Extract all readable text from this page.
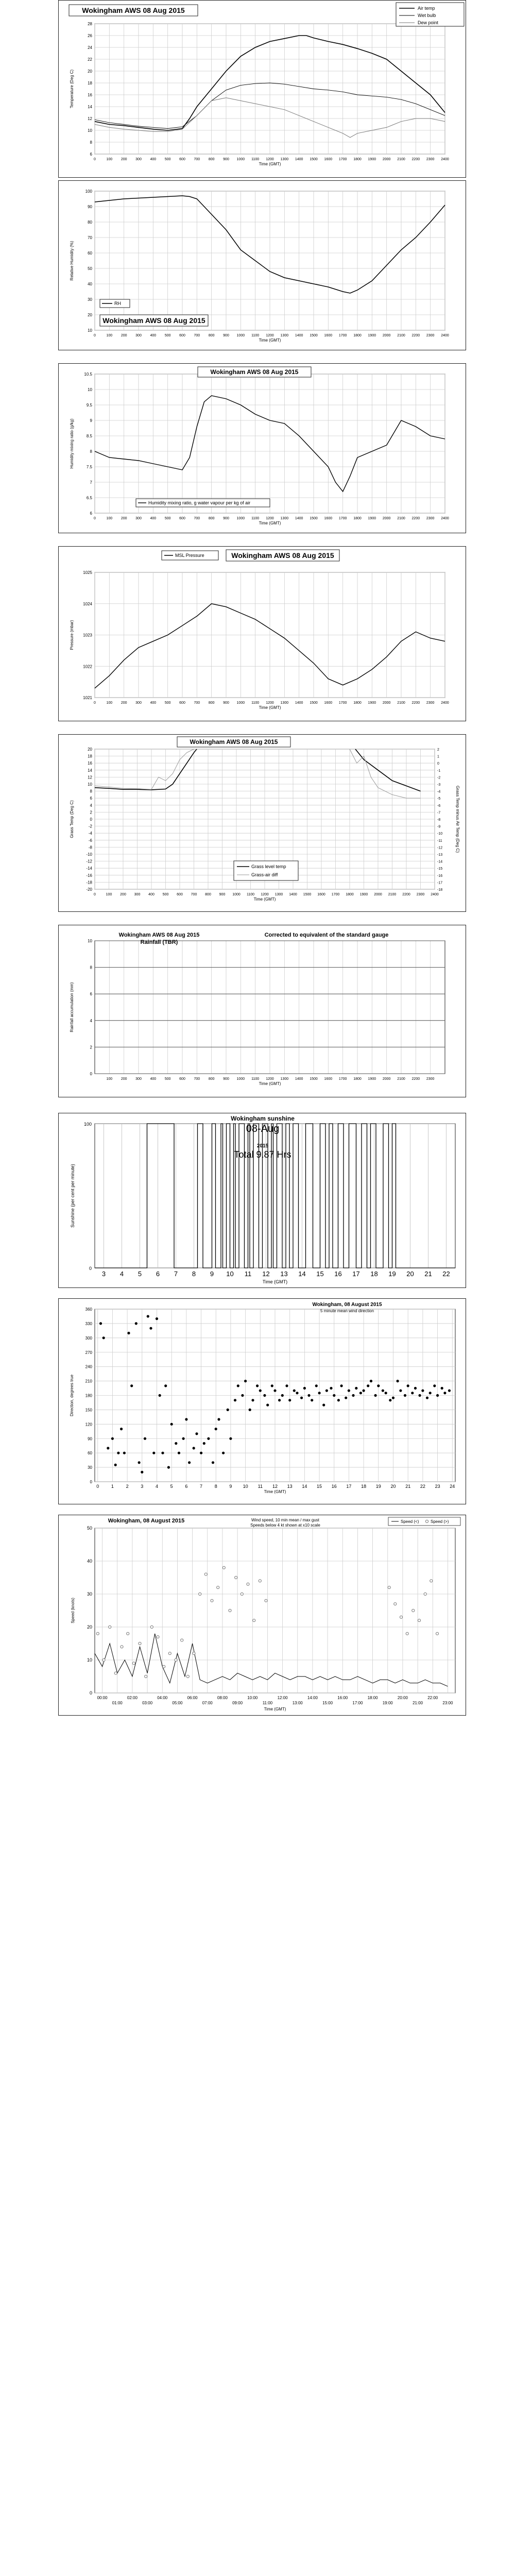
6
8
10
12
14
16
18
20
22
24
26
28
0	100 200 300 400 500 600 700 800 900 1000 1100 1200 1300 1400 1500 1600 1700 1800 1900 2000 2100 2200 2300 2400
Time (GMT)
Temperature (Deg C)
Wokingham AWS 08 Aug 2015	Air temp
Wet bulb
Dew point
10
20
30
40
50
60
70
80
90
100
0	100 200 300 400 500 600 700 800 900 1000 1100 1200 1300 1400 1500 1600 1700 1800 1900 2000 2100 2200 2300 2400
Time (GMT)
Relative Humidity (%)
RH
Wokingham AWS 08 Aug 2015
6
6.5
7
7.5
8
8.5
9
9.5
10
10.5
0	100 200 300 400 500 600 700 800 900 1000 1100 1200 1300 1400 1500 1600 1700 1800 1900 2000 2100 2200 2300 2400
Time (GMT)
Humidity mixing ratio (g/kg)
Humidity mixing ratio, g water vapour per kg of air
Wokingham AWS 08 Aug 2015
1021
1022
1023
1024
1025
0	100 200 300 400 500 600 700 800 900 1000 1100 1200 1300 1400 1500 1600 1700 1800 1900 2000 2100 2200 2300 2400
Time (GMT)
Pressure (mbar)
MSL Pressure	Wokingham AWS 08 Aug 2015
-20
-18
-16
-14
-12
-10
-8
-6
-4
-2
0
2
4
6
8
10
12
14
16
18
20
0	100 200 300 400 500 600 700 800 900 1000 1100 1200 1300 1400 1500 1600 1700 1800 1900 2000 2100 2200 2300 2400
Time (GMT)
Grass Temp (Deg C)
-18
-17
-16
-15
-14
-13
-12
-11
-10
-9
-8
-7
-6
-5
-4
-3
-2
-1
0
1
2
Grass Temp minus Air Temp (Deg C)
Grass level temp
Grass-air diff
Wokingham AWS 08 Aug 2015
0
2
4
6
8
10
100 200 300 400 500 600 700 800 900 1000 1100 1200 1300 1400 1500 1600 1700 1800 1900 2000 2100 2200 2300
Time (GMT)
Rainfall accumulation (mm)
Wokingham AWS 08 Aug 2015
Rainfall (TBR)
Corrected to equivalent of the standard gauge
3 4 5 6 7 8 9 10 11 12 13 14 15 16 17 18 19 20 21 22
0
100
Time (GMT)
Sunshine (per cent per minute)
Wokingham sunshine
08-Aug
2015
Total 9.87 Hrs
0
30
60
90
120
150
180
210
240
270
300
330
360
0	1	2	3	4	5	6	7	8	9 10 11 12 13 14 15 16 17 18 19 20 21 22 23 24
Time (GMT)
Direction, degrees true
Wokingham, 08 August 2015
5 minute mean wind direction
0
10
20
30
40
50
00:00
01:00
02:00
03:00
04:00
05:00
06:00
07:00
08:00
09:00
10:00
11:00
12:00
13:00
14:00
15:00
16:00
17:00
18:00
19:00
20:00
21:00
22:00
23:00
Time (GMT)
Speed (knots)
Wokingham, 08 August 2015	Wind speed, 10 min mean / max gust
Speeds below 4 kt shown at x10 scale
Speed (<)	Speed (>)
